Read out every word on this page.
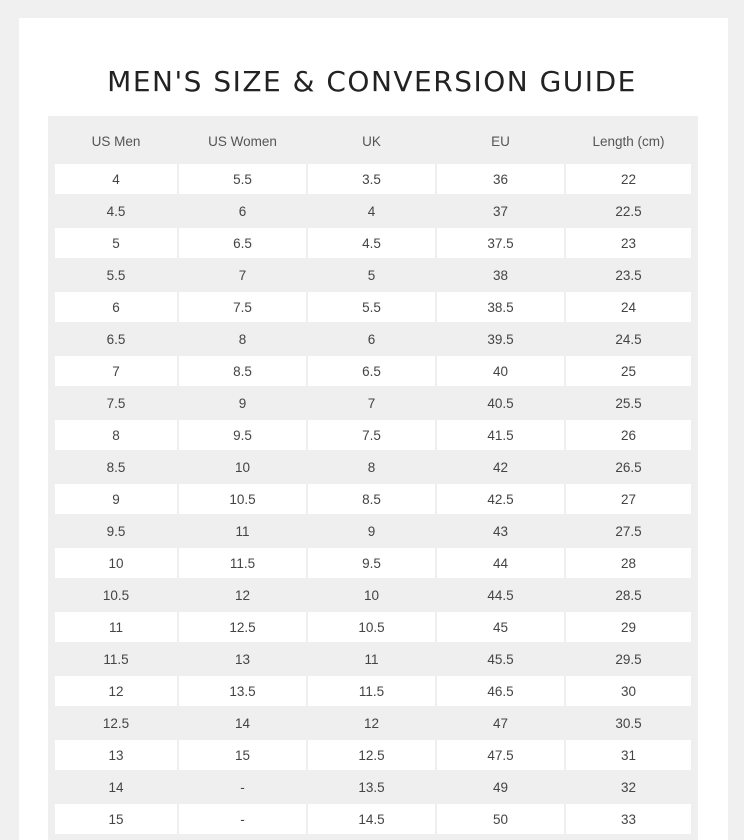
MEN'S SIZE & CONVERSION GUIDE
US Men	US Women	UK	EU	Length (cm)
4	5.5	3.5	36	22
4.5	6	4	37	22.5
5	6.5	4.5	37.5	23
5.5	7	5	38	23.5
6	7.5	5.5	38.5	24
6.5	8	6	39.5	24.5
7	8.5	6.5	40	25
7.5	9	7	40.5	25.5
8	9.5	7.5	41.5	26
8.5	10	8	42	26.5
9	10.5	8.5	42.5	27
9.5	11	9	43	27.5
10	11.5	9.5	44	28
10.5	12	10	44.5	28.5
11	12.5	10.5	45	29
11.5	13	11	45.5	29.5
12	13.5	11.5	46.5	30
12.5	14	12	47	30.5
13	15	12.5	47.5	31
14	-	13.5	49	32
15	-	14.5	50	33
